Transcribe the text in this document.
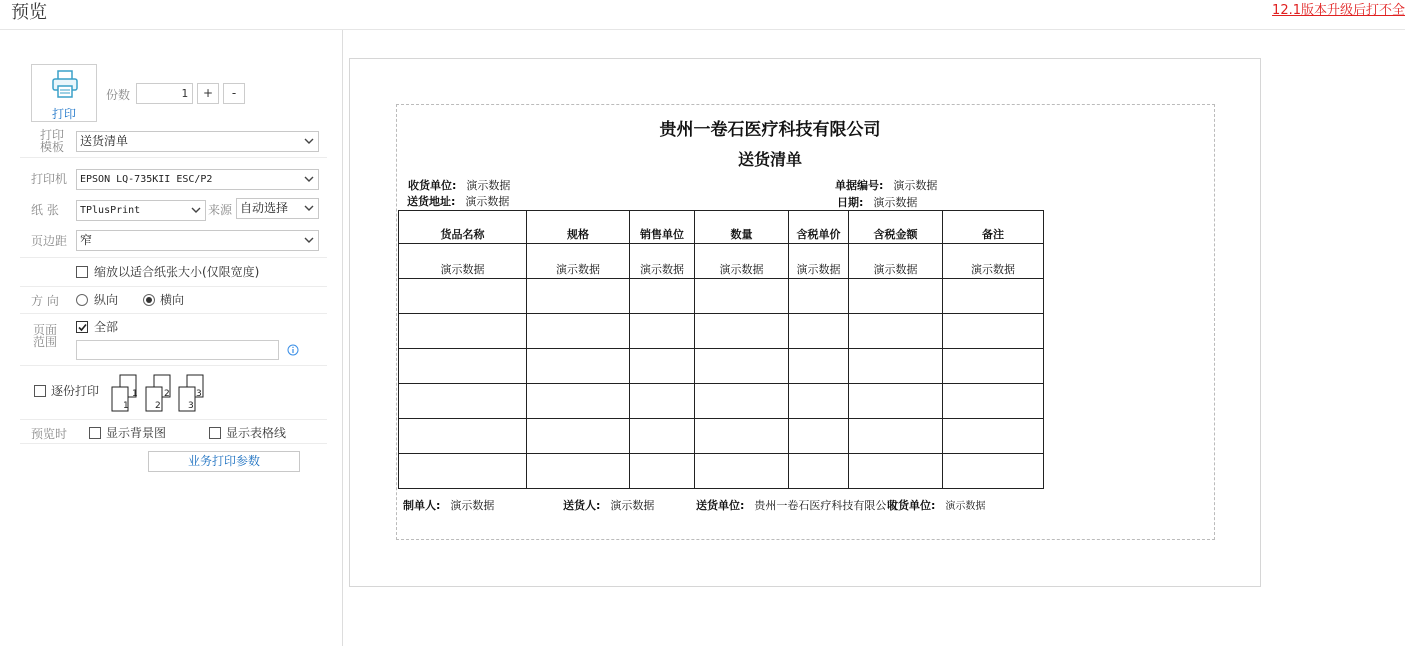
预览	12.1版本升级后打不全
打印
份数	1	+	-
打印模板 送货清单
打印机 EPSON LQ-735KII ESC/P2
纸 张 TPlusPrint	来源 自动选择
页边距 窄
缩放以适合纸张大小(仅限宽度)
方 向	纵向	横向
页面范围
全部
逐份打印	1
1
2
2
3
3
预览时	显示背景图	显示表格线
业务打印参数
贵州一卷石医疗科技有限公司
送货清单
收货单位: 演示数据
送货地址: 演示数据
单据编号: 演示数据
日期: 演示数据
货品名称	规格	销售单位	数量	含税单价	含税金额	备注
演示数据	演示数据	演示数据	演示数据	演示数据	演示数据	演示数据

制单人: 演示数据	送货人: 演示数据	送货单位: 贵州一卷石医疗科技有限公司
收货单位: 演示数据
